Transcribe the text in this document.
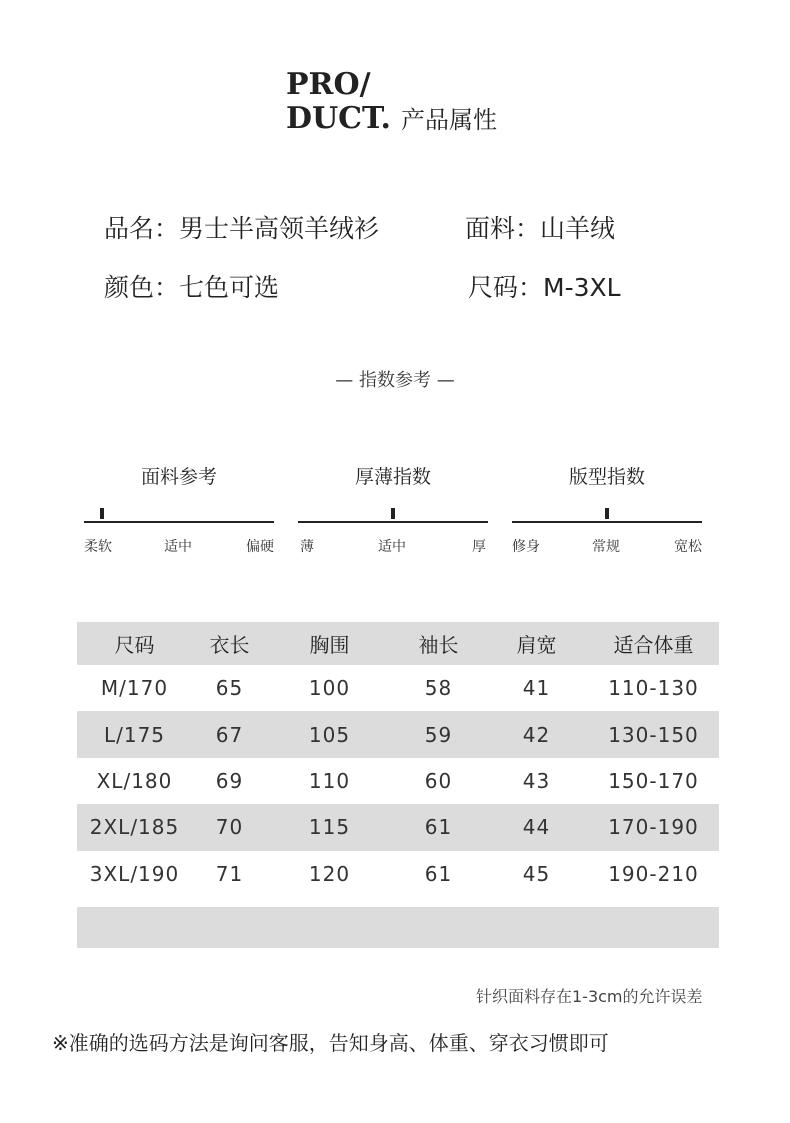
PRO/
DUCT. 产品属性
品名：男士半高领羊绒衫	面料：山羊绒
颜色：七色可选	尺码：M-3XL
— 指数参考 —
面料参考
柔软	适中	偏硬
厚薄指数
薄	适中	厚
版型指数
修身	常规	宽松
尺码	衣长	胸围	袖长	肩宽	适合体重
M/170	65	100	58	41	110-130
L/175	67	105	59	42	130-150
XL/180	69	110	60	43	150-170
2XL/185	70	115	61	44	170-190
3XL/190	71	120	61	45	190-210
针织面料存在1-3cm的允许误差
※准确的选码方法是询问客服，告知身高、体重、穿衣习惯即可
